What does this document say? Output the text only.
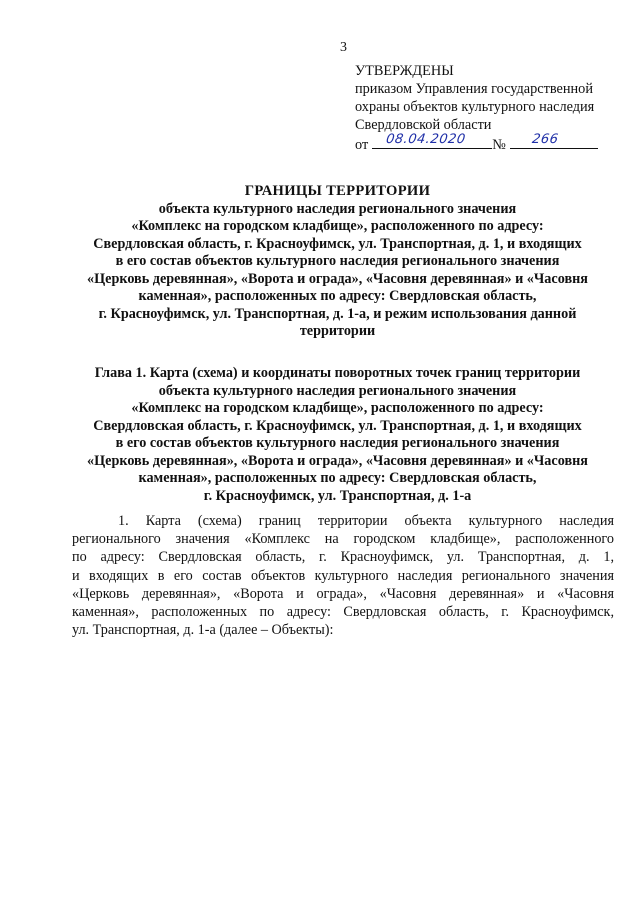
3
УТВЕРЖДЕНЫ
приказом Управления государственной
охраны объектов культурного наследия
Свердловской области
от 08.04.2020 № 266
ГРАНИЦЫ ТЕРРИТОРИИ
объекта культурного наследия регионального значения
«Комплекс на городском кладбище», расположенного по адресу:
Свердловская область, г. Красноуфимск, ул. Транспортная, д. 1, и входящих
в его состав объектов культурного наследия регионального значения
«Церковь деревянная», «Ворота и ограда», «Часовня деревянная» и «Часовня
каменная», расположенных по адресу: Свердловская область,
г. Красноуфимск, ул. Транспортная, д. 1-а, и режим использования данной
территории
Глава 1. Карта (схема) и координаты поворотных точек границ территории
объекта культурного наследия регионального значения
«Комплекс на городском кладбище», расположенного по адресу:
Свердловская область, г. Красноуфимск, ул. Транспортная, д. 1, и входящих
в его состав объектов культурного наследия регионального значения
«Церковь деревянная», «Ворота и ограда», «Часовня деревянная» и «Часовня
каменная», расположенных по адресу: Свердловская область,
г. Красноуфимск, ул. Транспортная, д. 1-а
1. Карта (схема) границ территории объекта культурного наследия
регионального значения «Комплекс на городском кладбище», расположенного
по адресу: Свердловская область, г. Красноуфимск, ул. Транспортная, д. 1,
и входящих в его состав объектов культурного наследия регионального значения
«Церковь деревянная», «Ворота и ограда», «Часовня деревянная» и «Часовня
каменная», расположенных по адресу: Свердловская область, г. Красноуфимск,
ул. Транспортная, д. 1-а (далее – Объекты):
